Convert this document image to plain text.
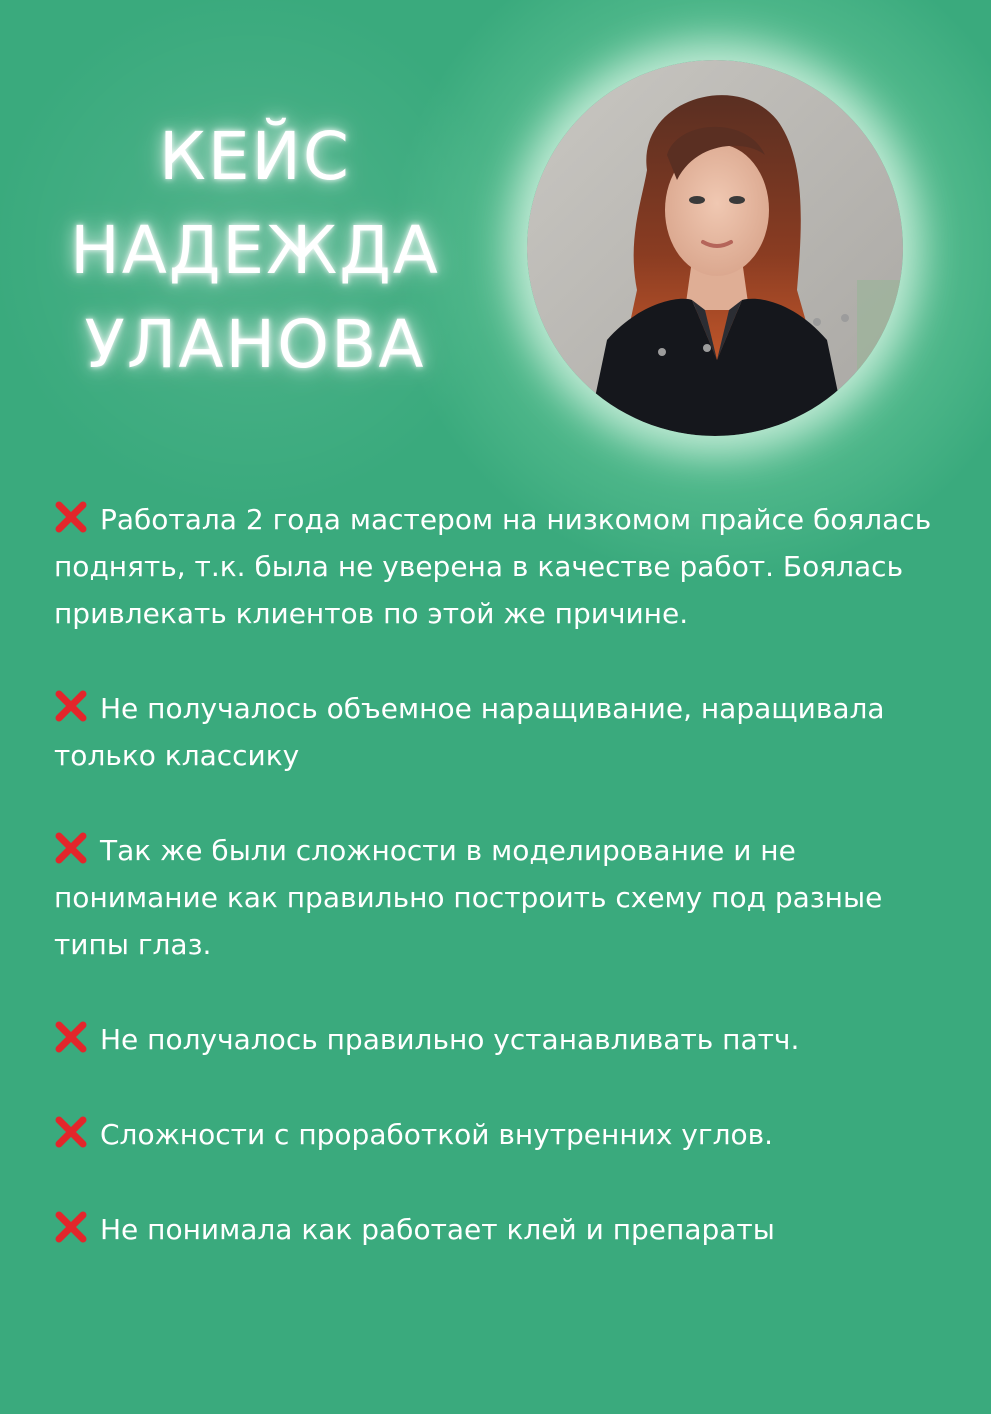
КЕЙС
НАДЕЖДА
УЛАНОВА

Работала 2 года мастером на низкомом прайсе боялась поднять, т.к. была не уверена в качестве работ. Боялась привлекать клиентов по этой же причине.

Не получалось объемное наращивание, наращивала только классику

Так же были сложности в моделирование и не понимание как правильно построить схему под разные типы глаз.

Не получалось правильно устанавливать патч.

Сложности с проработкой внутренних углов.

Не понимала как работает клей и препараты
